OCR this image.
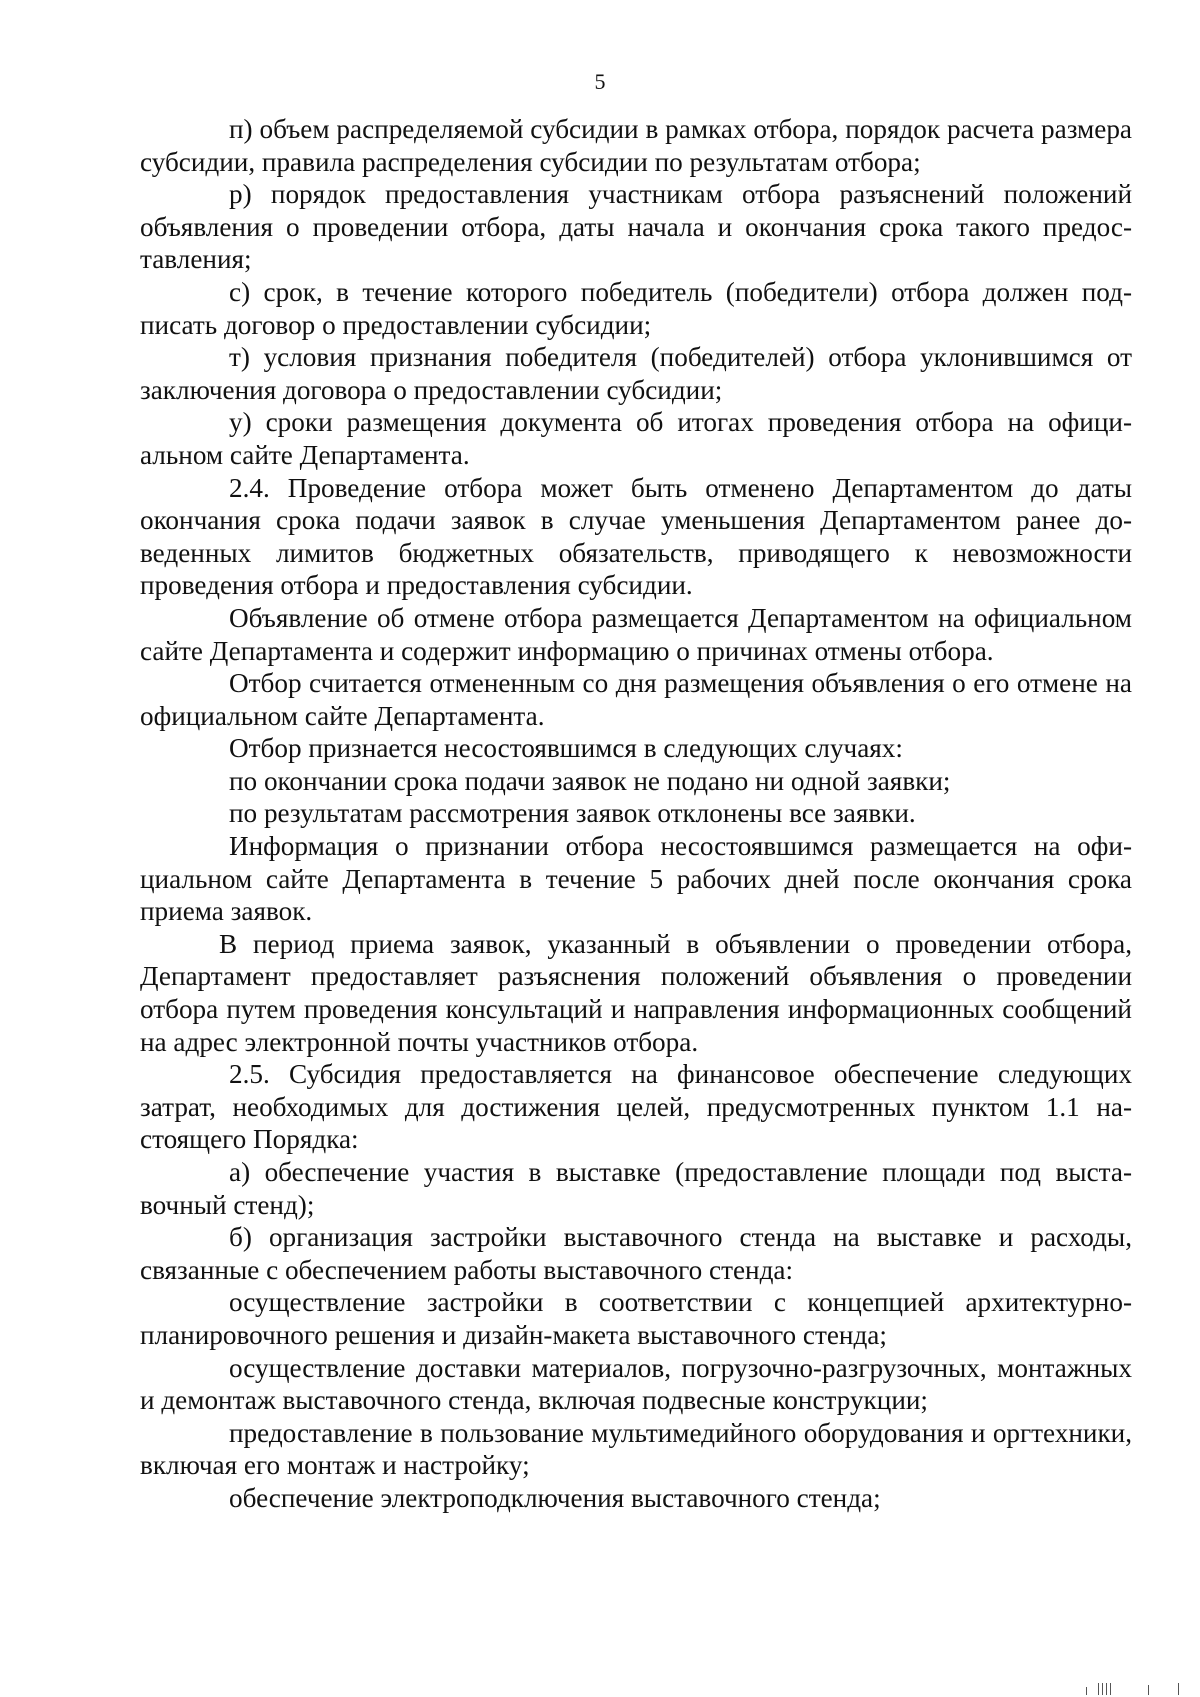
5

п) объем распределяемой субсидии в рамках отбора, порядок расчета размера субсидии, правила распределения субсидии по результатам отбора;

р) порядок предоставления участникам отбора разъяснений положений объявления о проведении отбора, даты начала и окончания срока такого предоставления;

с) срок, в течение которого победитель (победители) отбора должен подписать договор о предоставлении субсидии;

т) условия признания победителя (победителей) отбора уклонившимся от заключения договора о предоставлении субсидии;

у) сроки размещения документа об итогах проведения отбора на официальном сайте Департамента.

2.4. Проведение отбора может быть отменено Департаментом до даты окончания срока подачи заявок в случае уменьшения Департаментом ранее доведенных лимитов бюджетных обязательств, приводящего к невозможности проведения отбора и предоставления субсидии.

Объявление об отмене отбора размещается Департаментом на официальном сайте Департамента и содержит информацию о причинах отмены отбора.

Отбор считается отмененным со дня размещения объявления о его отмене на официальном сайте Департамента.

Отбор признается несостоявшимся в следующих случаях:

по окончании срока подачи заявок не подано ни одной заявки;

по результатам рассмотрения заявок отклонены все заявки.

Информация о признании отбора несостоявшимся размещается на официальном сайте Департамента в течение 5 рабочих дней после окончания срока приема заявок.

В период приема заявок, указанный в объявлении о проведении отбора, Департамент предоставляет разъяснения положений объявления о проведении отбора путем проведения консультаций и направления информационных сообщений на адрес электронной почты участников отбора.

2.5. Субсидия предоставляется на финансовое обеспечение следующих затрат, необходимых для достижения целей, предусмотренных пунктом 1.1 настоящего Порядка:

а) обеспечение участия в выставке (предоставление площади под выставочный стенд);

б) организация застройки выставочного стенда на выставке и расходы, связанные с обеспечением работы выставочного стенда:

осуществление застройки в соответствии с концепцией архитектурно-планировочного решения и дизайн-макета выставочного стенда;

осуществление доставки материалов, погрузочно-разгрузочных, монтажных и демонтаж выставочного стенда, включая подвесные конструкции;

предоставление в пользование мультимедийного оборудования и оргтехники, включая его монтаж и настройку;

обеспечение электроподключения выставочного стенда;
